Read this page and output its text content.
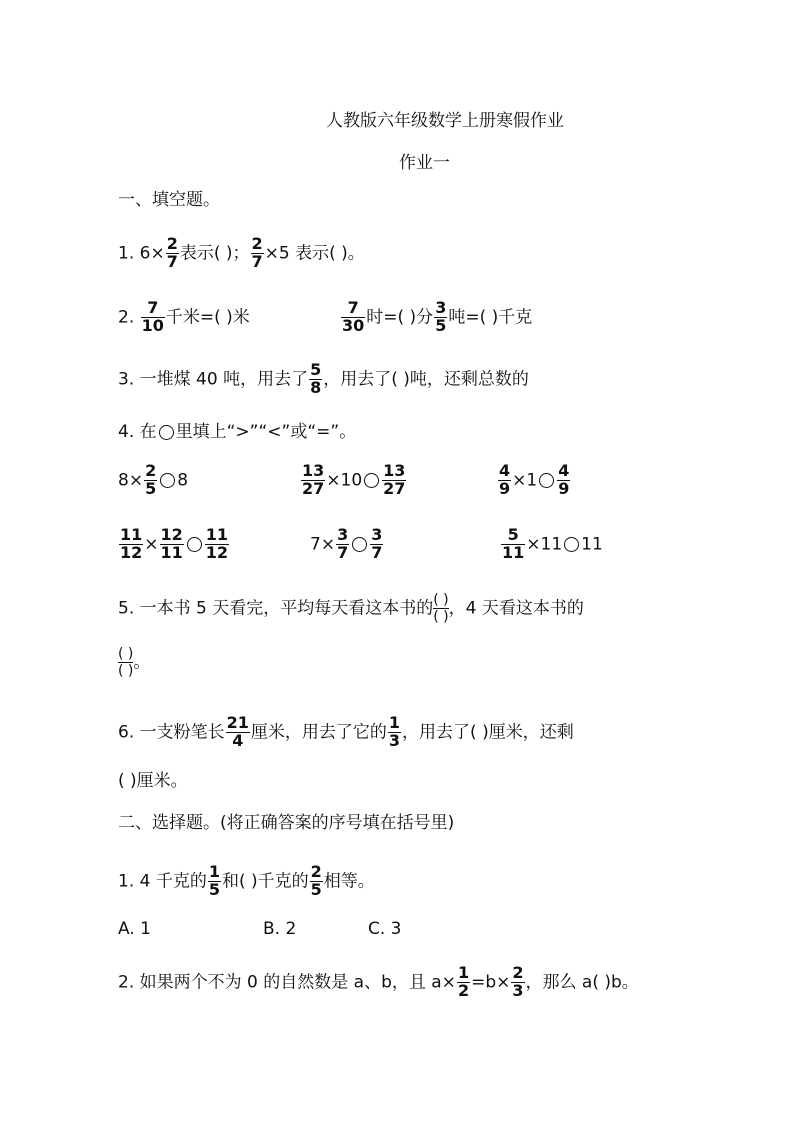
人教版六年级数学上册寒假作业
作业一
一、填空题。
1. $6\times \frac{2}{7}$ 表示( )； $\frac{2}{7} \times 5$ 表示( )。
2. $\frac{7}{10}$ 千米=( )米	$\frac{7}{30}$ 时=( )分 $\frac{3}{5}$ 吨=( )千克
3. 一堆煤 40 吨，用去了 $\frac{5}{8}$ ，用去了( )吨，还剩总数的
4. 在 里填上“>”“<”或“=”。
$8\times \frac{2}{5} 8$	$\frac{13}{27} \times 10 \frac{13}{27}$	$\frac{4}{9} \times 1 \frac{4}{9}$
$\frac{11}{12} \times \frac{12}{11} \frac{11}{12}$	$7\times \frac{3}{7} \frac{3}{7}$	$\frac{5}{11} \times 11$ 11
5. 一本书 5 天看完，平均每天看这本书的 ( )
( ) ，4 天看这本书的
( )
( ) 。
6. 一支粉笔长 $\frac{21}{4}$ 厘米，用去了它的 $\frac{1}{3}$ ，用去了( )厘米，还剩
( )厘米。
二、选择题。(将正确答案的序号填在括号里)
1. 4 千克的 $\frac{1}{5}$ 和( )千克的 $\frac{2}{5}$ 相等。
A. 1	B. 2	C. 3
2. 如果两个不为 0 的自然数是 a、b，且 $a\times \frac{1}{2} =b\times \frac{2}{3}$ ，那么 a( )b。
